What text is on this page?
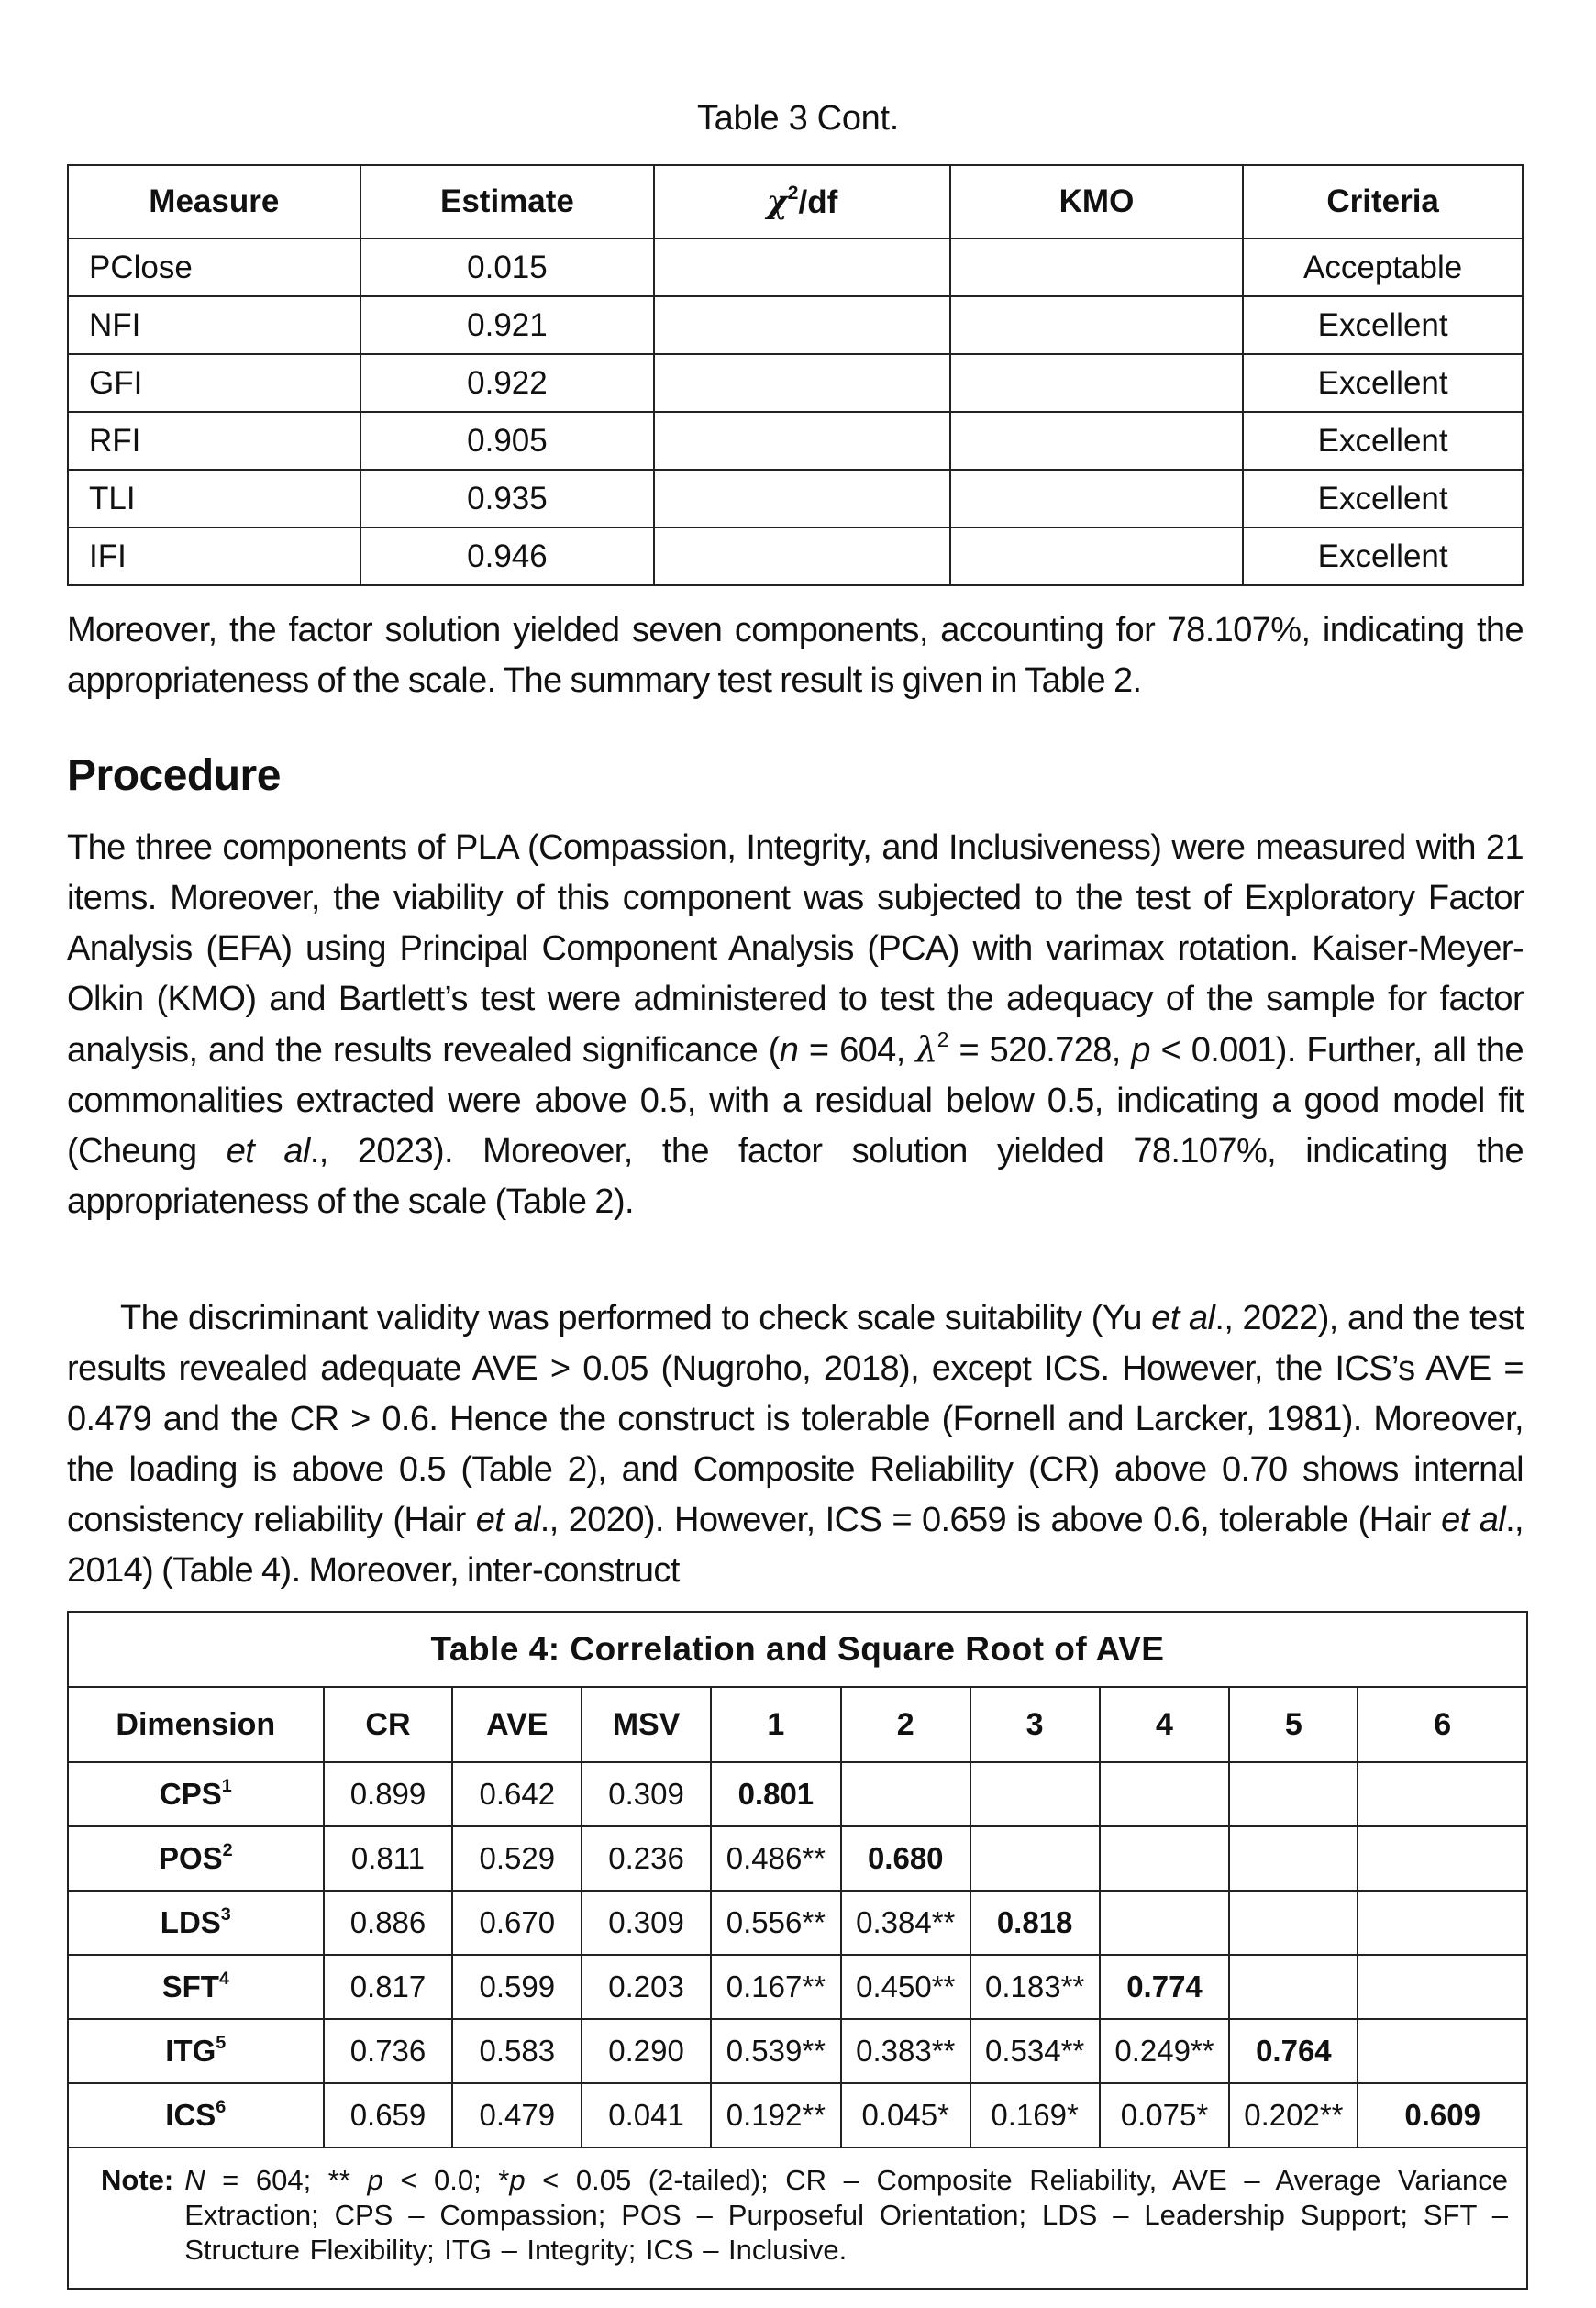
Table 3 Cont.
Measure	Estimate	$\chi^2/df$	KMO	Criteria
PClose	0.015			Acceptable
NFI	0.921			Excellent
GFI	0.922			Excellent
RFI	0.905			Excellent
TLI	0.935			Excellent
IFI	0.946			Excellent
Moreover, the factor solution yielded seven components, accounting for 78.107%, indicating the appropriateness of the scale. The summary test result is given in Table 2.
Procedure
The three components of PLA (Compassion, Integrity, and Inclusiveness) were measured with 21 items. Moreover, the viability of this component was subjected to the test of Exploratory Factor Analysis (EFA) using Principal Component Analysis (PCA) with varimax rotation. Kaiser-Meyer-Olkin (KMO) and Bartlett’s test were administered to test the adequacy of the sample for factor analysis, and the results revealed significance (n = 604, $\lambda^2 = 520.728$, p < 0.001). Further, all the commonalities extracted were above 0.5, with a residual below 0.5, indicating a good model fit (Cheung et al., 2023). Moreover, the factor solution yielded 78.107%, indicating the appropriateness of the scale (Table 2).
The discriminant validity was performed to check scale suitability (Yu et al., 2022), and the test results revealed adequate AVE > 0.05 (Nugroho, 2018), except ICS. However, the ICS’s AVE = 0.479 and the CR > 0.6. Hence the construct is tolerable (Fornell and Larcker, 1981). Moreover, the loading is above 0.5 (Table 2), and Composite Reliability (CR) above 0.70 shows internal consistency reliability (Hair et al., 2020). However, ICS = 0.659 is above 0.6, tolerable (Hair et al., 2014) (Table 4). Moreover, inter-construct
Table 4: Correlation and Square Root of AVE									
Dimension	CR	AVE	MSV	1	2	3	4	5	6
CPS$^1$	0.899	0.642	0.309	0.801					
POS$^2$	0.811	0.529	0.236	0.486**	0.680				
LDS$^3$	0.886	0.670	0.309	0.556**	0.384**	0.818			
SFT$^4$	0.817	0.599	0.203	0.167**	0.450**	0.183**	0.774		
ITG$^5$	0.736	0.583	0.290	0.539**	0.383**	0.534**	0.249**	0.764	
ICS$^6$	0.659	0.479	0.041	0.192**	0.045*	0.169*	0.075*	0.202**	0.609

Note: N = 604; ** p < 0.0; *p < 0.05 (2-tailed); CR – Composite Reliability, AVE – Average Variance Extraction; CPS – Compassion; POS – Purposeful Orientation; LDS – Leadership Support; SFT – Structure Flexibility; ITG – Integrity; ICS – Inclusive.									
